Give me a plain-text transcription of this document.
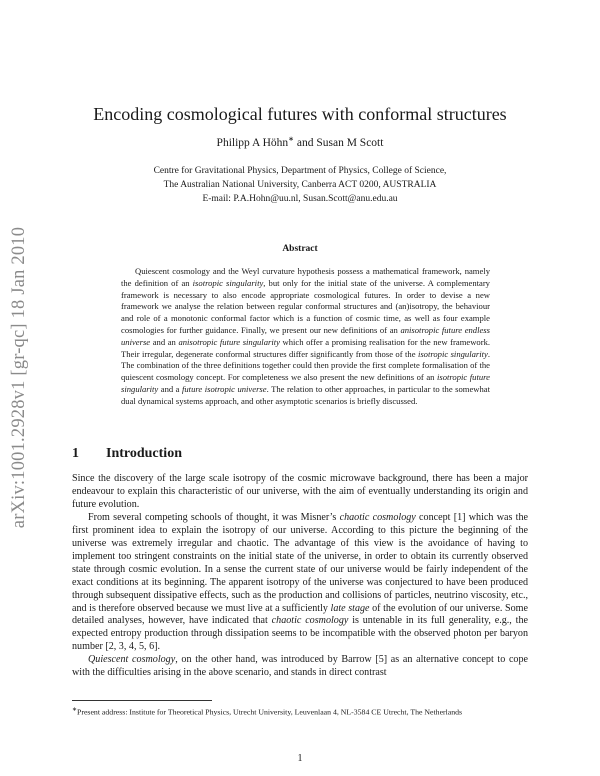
arXiv:1001.2928v1 [gr-qc] 18 Jan 2010
Encoding cosmological futures with conformal structures
Philipp A Höhn∗ and Susan M Scott
Centre for Gravitational Physics, Department of Physics, College of Science,
The Australian National University, Canberra ACT 0200, AUSTRALIA
E-mail: P.A.Hohn@uu.nl, Susan.Scott@anu.edu.au
Abstract
Quiescent cosmology and the Weyl curvature hypothesis possess a mathematical framework, namely the definition of an isotropic singularity, but only for the initial state of the universe. A complementary framework is necessary to also encode appropriate cosmological futures. In order to devise a new framework we analyse the relation between regular conformal structures and (an)isotropy, the behaviour and role of a monotonic conformal factor which is a function of cosmic time, as well as four example cosmologies for further guidance. Finally, we present our new definitions of an anisotropic future endless universe and an anisotropic future singularity which offer a promising realisation for the new framework. Their irregular, degenerate conformal structures differ significantly from those of the isotropic singularity. The combination of the three definitions together could then provide the first complete formalisation of the quiescent cosmology concept. For completeness we also present the new definitions of an isotropic future singularity and a future isotropic universe. The relation to other approaches, in particular to the somewhat dual dynamical systems approach, and other asymptotic scenarios is briefly discussed.
1 Introduction

Since the discovery of the large scale isotropy of the cosmic microwave background, there has been a major endeavour to explain this characteristic of our universe, with the aim of eventually understanding its origin and future evolution.

From several competing schools of thought, it was Misner’s chaotic cosmology concept [1] which was the first prominent idea to explain the isotropy of our universe. According to this picture the beginning of the universe was extremely irregular and chaotic. The advantage of this view is the avoidance of having to implement too stringent constraints on the initial state of the universe, in order to obtain its currently observed state through cosmic evolution. In a sense the current state of our universe would be fairly independent of the exact conditions at its beginning. The apparent isotropy of the universe was conjectured to have been produced through subsequent dissipative effects, such as the production and collisions of particles, neutrino viscosity, etc., and is therefore observed because we must live at a sufficiently late stage of the evolution of our universe. Some detailed analyses, however, have indicated that chaotic cosmology is untenable in its full generality, e.g., the expected entropy production through dissipation seems to be incompatible with the observed photon per baryon number [2, 3, 4, 5, 6].

Quiescent cosmology, on the other hand, was introduced by Barrow [5] as an alternative concept to cope with the difficulties arising in the above scenario, and stands in direct contrast

∗Present address: Institute for Theoretical Physics, Utrecht University, Leuvenlaan 4, NL-3584 CE Utrecht, The Netherlands
1
